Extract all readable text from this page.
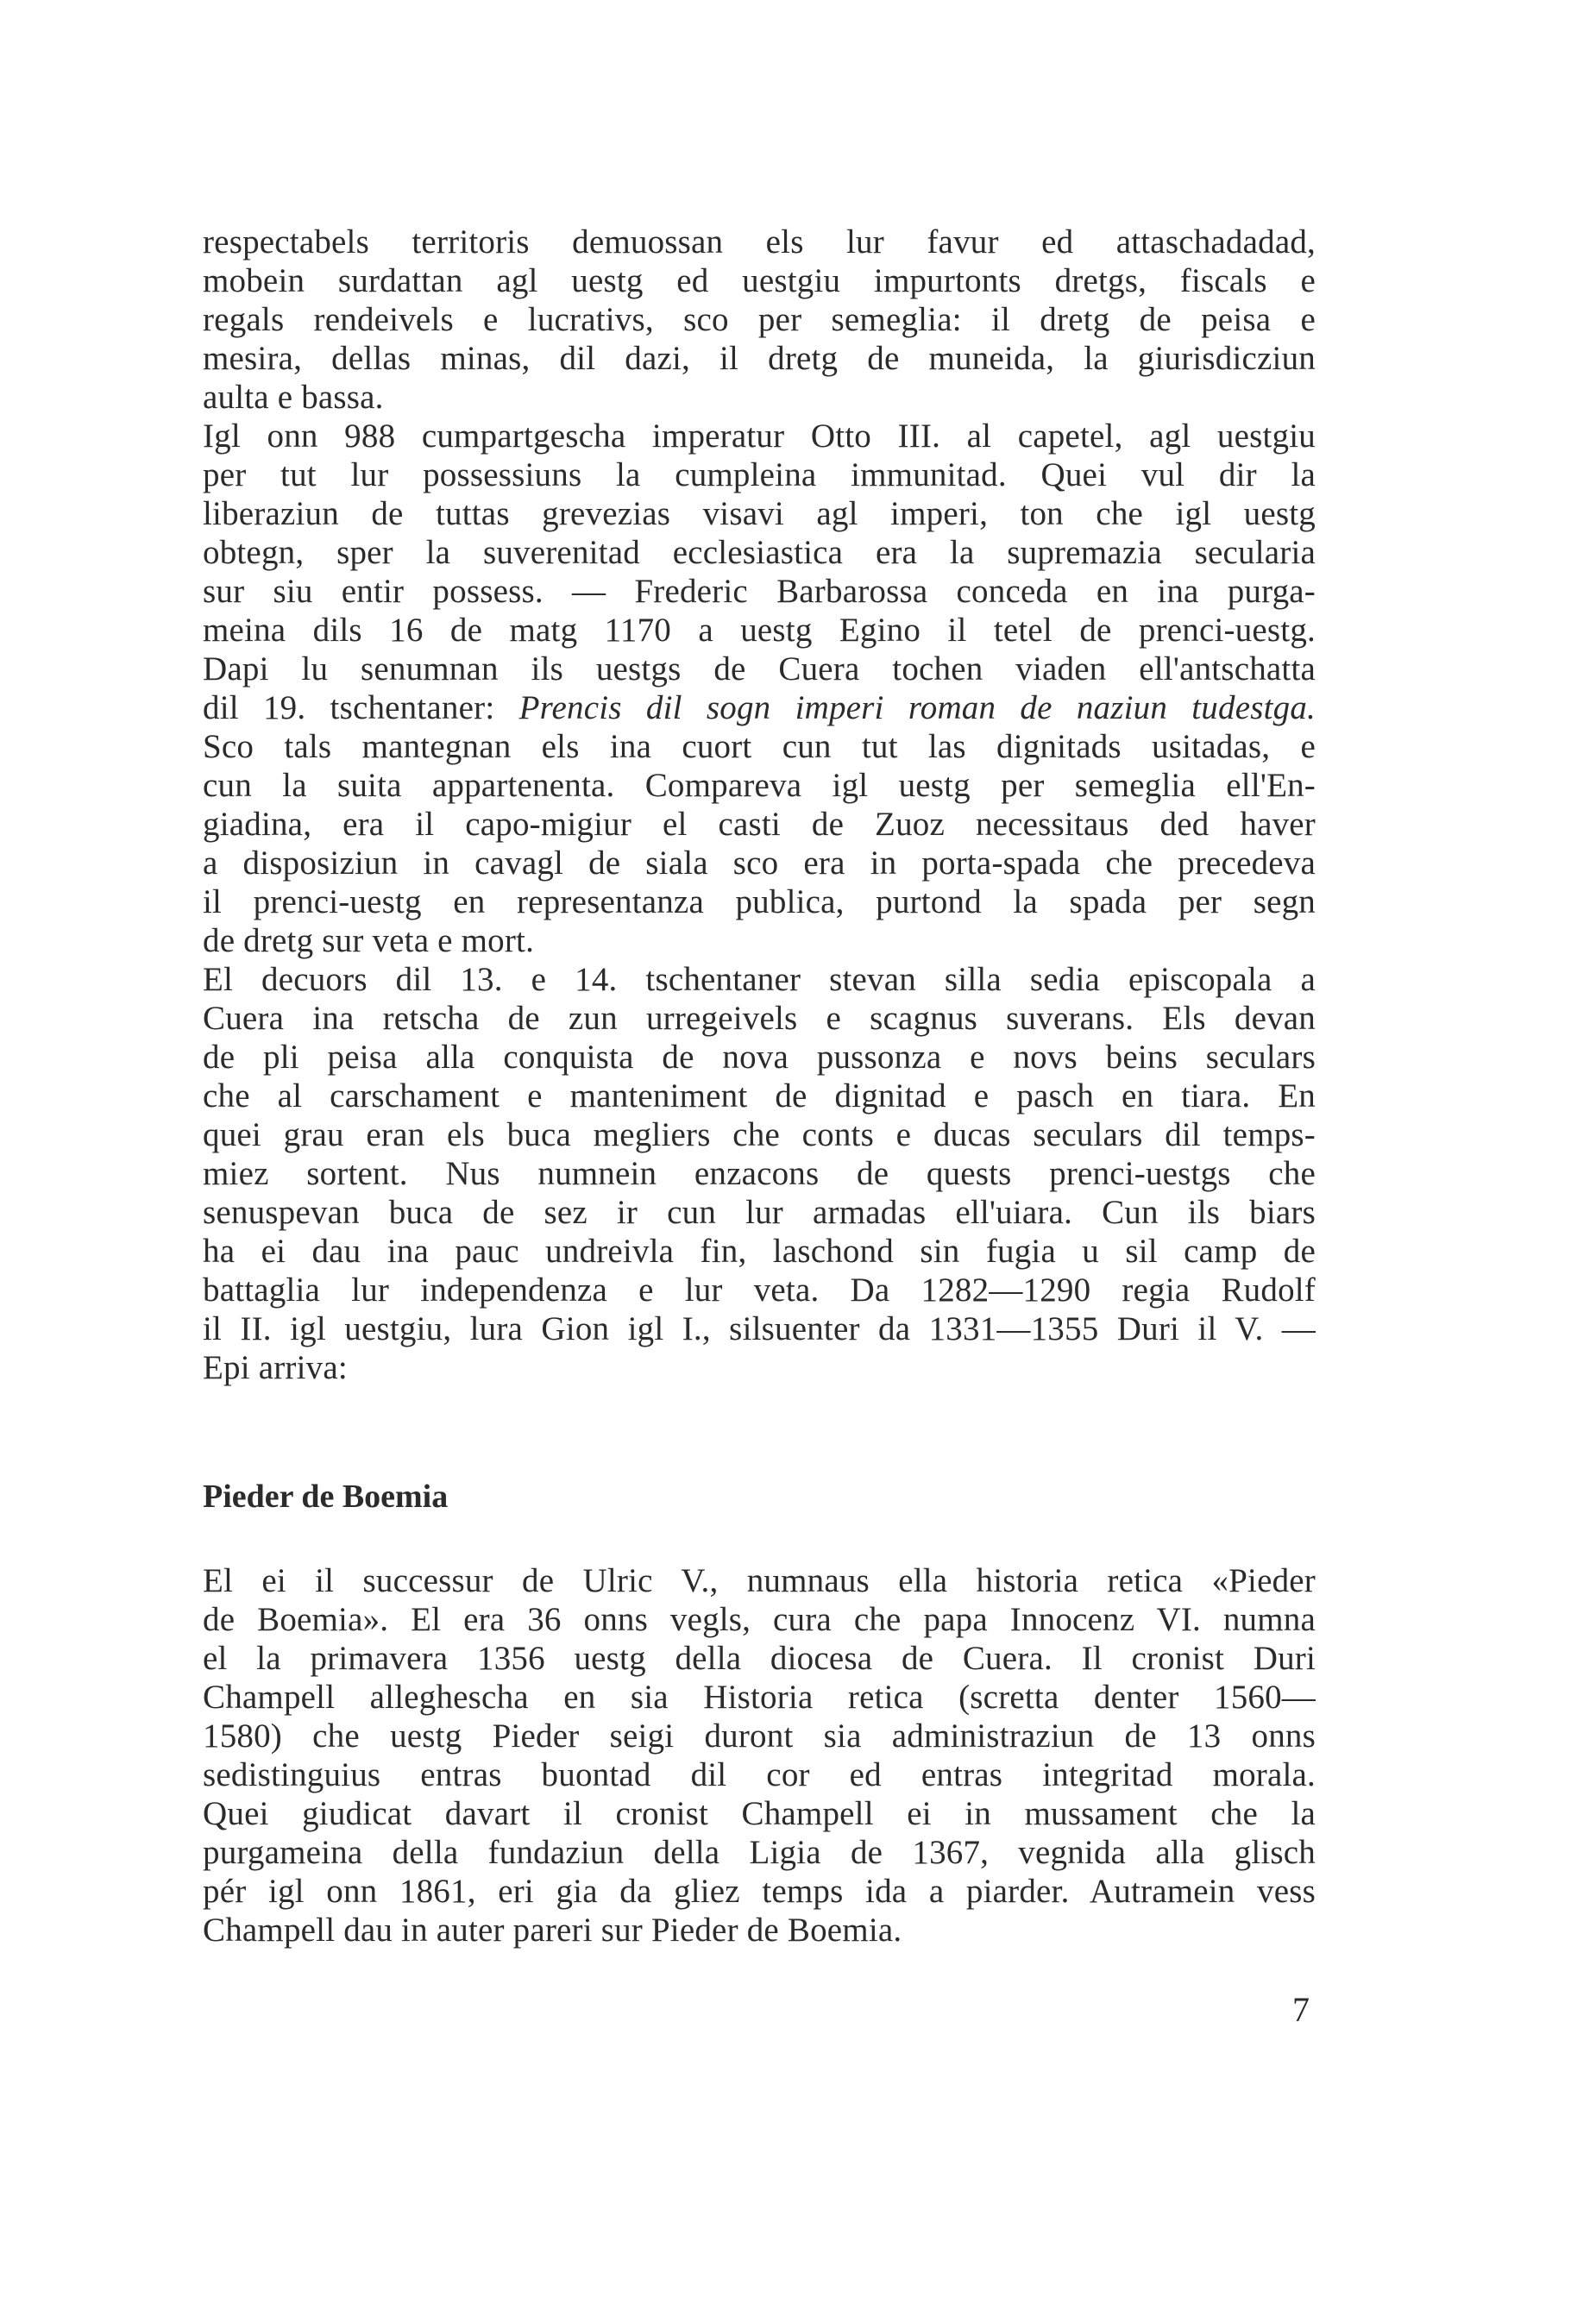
respectabels territoris demuossan els lur favur ed attaschadadad,
mobein surdattan agl uestg ed uestgiu impurtonts dretgs, fiscals e
regals rendeivels e lucrativs, sco per semeglia: il dretg de peisa e
mesira, dellas minas, dil dazi, il dretg de muneida, la giurisdicziun
aulta e bassa.
Igl onn 988 cumpartgescha imperatur Otto III. al capetel, agl uestgiu
per tut lur possessiuns la cumpleina immunitad. Quei vul dir la
liberaziun de tuttas grevezias visavi agl imperi, ton che igl uestg
obtegn, sper la suverenitad ecclesiastica era la supremazia secularia
sur siu entir possess. — Frederic Barbarossa conceda en ina purga-
meina dils 16 de matg 1170 a uestg Egino il tetel de prenci-uestg.
Dapi lu senumnan ils uestgs de Cuera tochen viaden ell'antschatta
dil 19. tschentaner: Prencis dil sogn imperi roman de naziun tudestga.
Sco tals mantegnan els ina cuort cun tut las dignitads usitadas, e
cun la suita appartenenta. Compareva igl uestg per semeglia ell'En-
giadina, era il capo-migiur el casti de Zuoz necessitaus ded haver
a disposiziun in cavagl de siala sco era in porta-spada che precedeva
il prenci-uestg en representanza publica, purtond la spada per segn
de dretg sur veta e mort.
El decuors dil 13. e 14. tschentaner stevan silla sedia episcopala a
Cuera ina retscha de zun urregeivels e scagnus suverans. Els devan
de pli peisa alla conquista de nova pussonza e novs beins seculars
che al carschament e manteniment de dignitad e pasch en tiara. En
quei grau eran els buca megliers che conts e ducas seculars dil temps-
miez sortent. Nus numnein enzacons de quests prenci-uestgs che
senuspevan buca de sez ir cun lur armadas ell'uiara. Cun ils biars
ha ei dau ina pauc undreivla fin, laschond sin fugia u sil camp de
battaglia lur independenza e lur veta. Da 1282—1290 regia Rudolf
il II. igl uestgiu, lura Gion igl I., silsuenter da 1331—1355 Duri il V. —
Epi arriva:
Pieder de Boemia
El ei il successur de Ulric V., numnaus ella historia retica «Pieder
de Boemia». El era 36 onns vegls, cura che papa Innocenz VI. numna
el la primavera 1356 uestg della diocesa de Cuera. Il cronist Duri
Champell alleghescha en sia Historia retica (scretta denter 1560—
1580) che uestg Pieder seigi duront sia administraziun de 13 onns
sedistinguius entras buontad dil cor ed entras integritad morala.
Quei giudicat davart il cronist Champell ei in mussament che la
purgameina della fundaziun della Ligia de 1367, vegnida alla glisch
pér igl onn 1861, eri gia da gliez temps ida a piarder. Autramein vess
Champell dau in auter pareri sur Pieder de Boemia.
7
